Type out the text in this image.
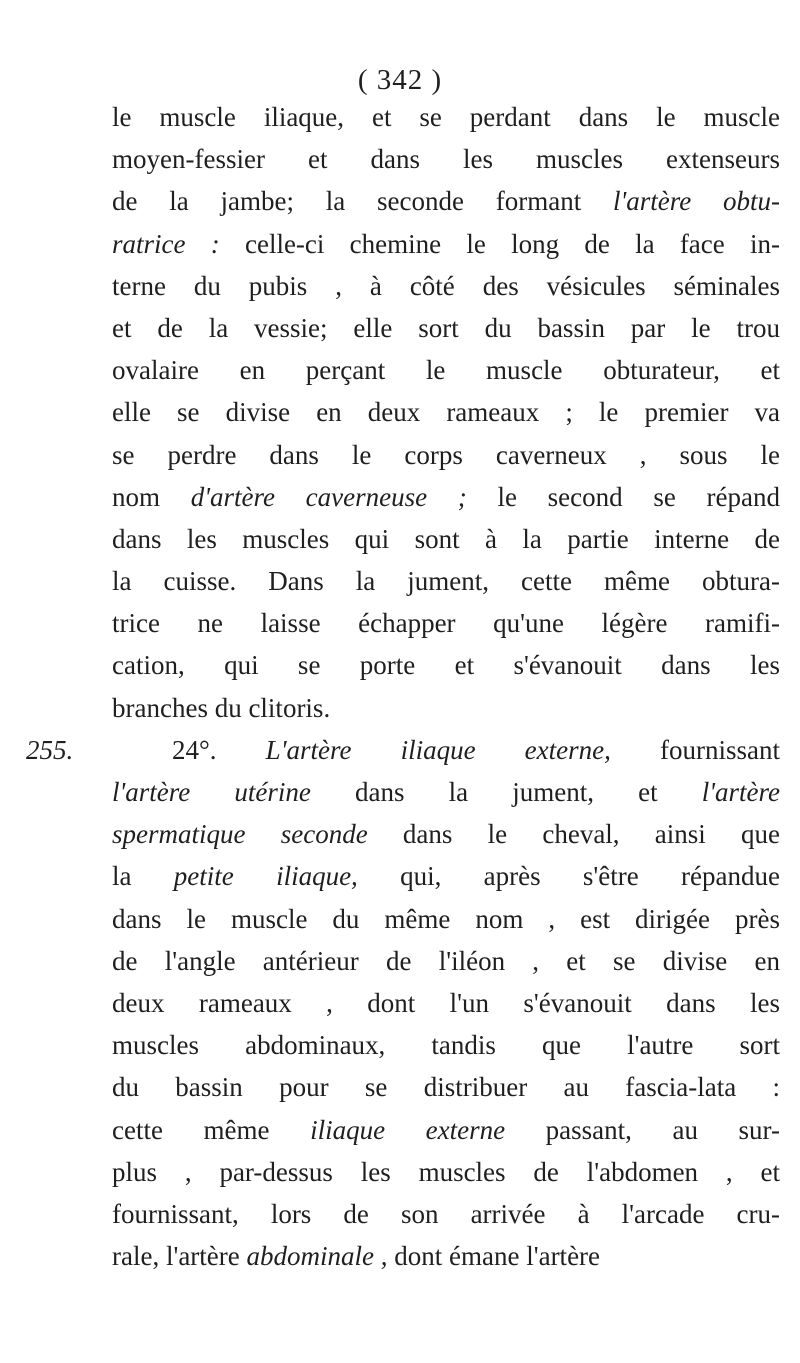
( 342 )
255.
le muscle iliaque, et se perdant dans le muscle
moyen-fessier et dans les muscles extenseurs
de la jambe; la seconde formant l'artère obtu-
ratrice : celle-ci chemine le long de la face in-
terne du pubis , à côté des vésicules séminales
et de la vessie; elle sort du bassin par le trou
ovalaire en perçant le muscle obturateur, et
elle se divise en deux rameaux ; le premier va
se perdre dans le corps caverneux , sous le
nom d'artère caverneuse ; le second se répand
dans les muscles qui sont à la partie interne de
la cuisse. Dans la jument, cette même obtura-
trice ne laisse échapper qu'une légère ramifi-
cation, qui se porte et s'évanouit dans les
branches du clitoris.
24°. L'artère iliaque externe, fournissant
l'artère utérine dans la jument, et l'artère
spermatique seconde dans le cheval, ainsi que
la petite iliaque, qui, après s'être répandue
dans le muscle du même nom , est dirigée près
de l'angle antérieur de l'iléon , et se divise en
deux rameaux , dont l'un s'évanouit dans les
muscles abdominaux, tandis que l'autre sort
du bassin pour se distribuer au fascia-lata :
cette même iliaque externe passant, au sur-
plus , par-dessus les muscles de l'abdomen , et
fournissant, lors de son arrivée à l'arcade cru-
rale, l'artère abdominale , dont émane l'artère
